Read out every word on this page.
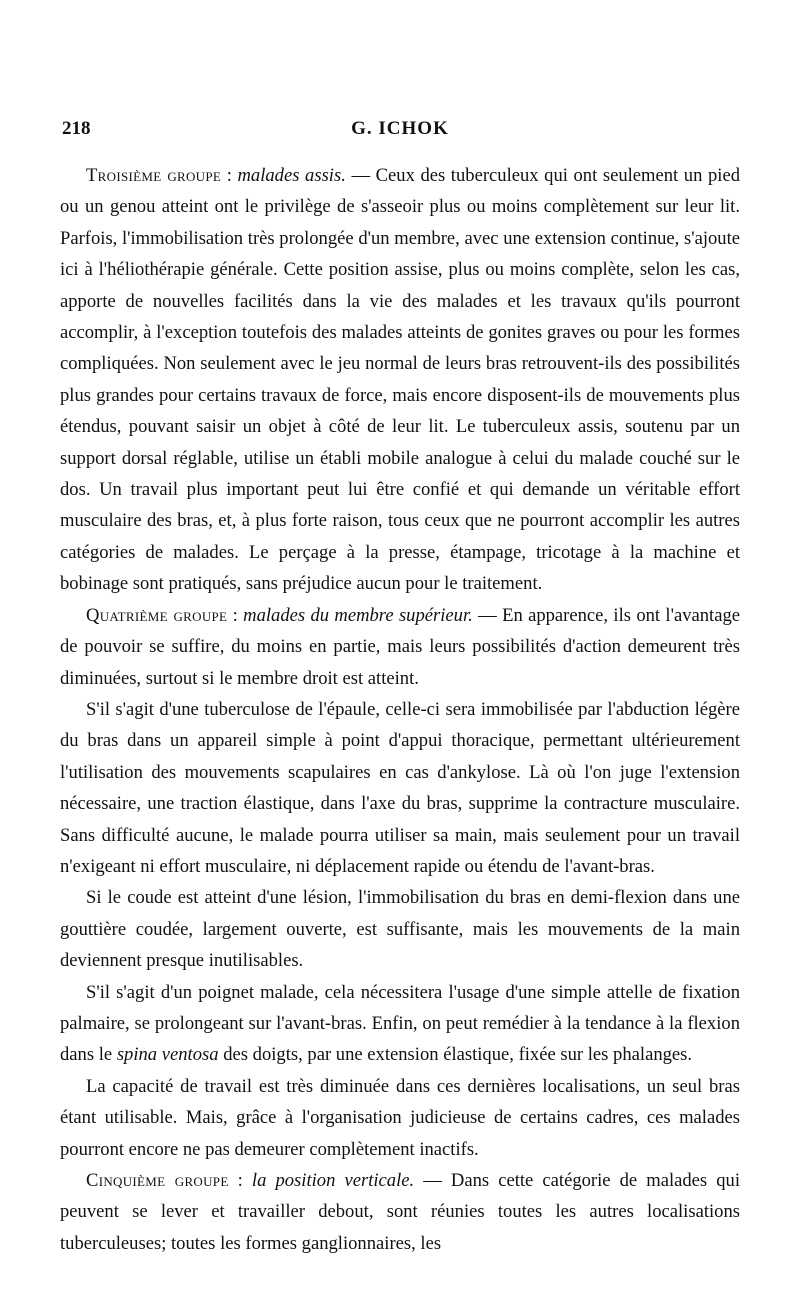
218	G. ICHOK

Troisième groupe : malades assis. — Ceux des tuberculeux qui ont seulement un pied ou un genou atteint ont le privilège de s'asseoir plus ou moins complètement sur leur lit. Parfois, l'immobilisation très prolongée d'un membre, avec une extension continue, s'ajoute ici à l'héliothérapie générale. Cette position assise, plus ou moins complète, selon les cas, apporte de nouvelles facilités dans la vie des malades et les travaux qu'ils pourront accomplir, à l'exception toutefois des malades atteints de gonites graves ou pour les formes compliquées. Non seulement avec le jeu normal de leurs bras retrouvent-ils des possibilités plus grandes pour certains travaux de force, mais encore disposent-ils de mouvements plus étendus, pouvant saisir un objet à côté de leur lit. Le tuberculeux assis, soutenu par un support dorsal réglable, utilise un établi mobile analogue à celui du malade couché sur le dos. Un travail plus important peut lui être confié et qui demande un véritable effort musculaire des bras, et, à plus forte raison, tous ceux que ne pourront accomplir les autres catégories de malades. Le perçage à la presse, étampage, tricotage à la machine et bobinage sont pratiqués, sans préjudice aucun pour le traitement.

Quatrième groupe : malades du membre supérieur. — En apparence, ils ont l'avantage de pouvoir se suffire, du moins en partie, mais leurs possibilités d'action demeurent très diminuées, surtout si le membre droit est atteint.

S'il s'agit d'une tuberculose de l'épaule, celle-ci sera immobilisée par l'abduction légère du bras dans un appareil simple à point d'appui thoracique, permettant ultérieurement l'utilisation des mouvements scapulaires en cas d'ankylose. Là où l'on juge l'extension nécessaire, une traction élastique, dans l'axe du bras, supprime la contracture musculaire. Sans difficulté aucune, le malade pourra utiliser sa main, mais seulement pour un travail n'exigeant ni effort musculaire, ni déplacement rapide ou étendu de l'avant-bras.

Si le coude est atteint d'une lésion, l'immobilisation du bras en demi-flexion dans une gouttière coudée, largement ouverte, est suffisante, mais les mouvements de la main deviennent presque inutilisables.

S'il s'agit d'un poignet malade, cela nécessitera l'usage d'une simple attelle de fixation palmaire, se prolongeant sur l'avant-bras. Enfin, on peut remédier à la tendance à la flexion dans le spina ventosa des doigts, par une extension élastique, fixée sur les phalanges.

La capacité de travail est très diminuée dans ces dernières localisations, un seul bras étant utilisable. Mais, grâce à l'organisation judicieuse de certains cadres, ces malades pourront encore ne pas demeurer complètement inactifs.

Cinquième groupe : la position verticale. — Dans cette catégorie de malades qui peuvent se lever et travailler debout, sont réunies toutes les autres localisations tuberculeuses; toutes les formes ganglionnaires, les
